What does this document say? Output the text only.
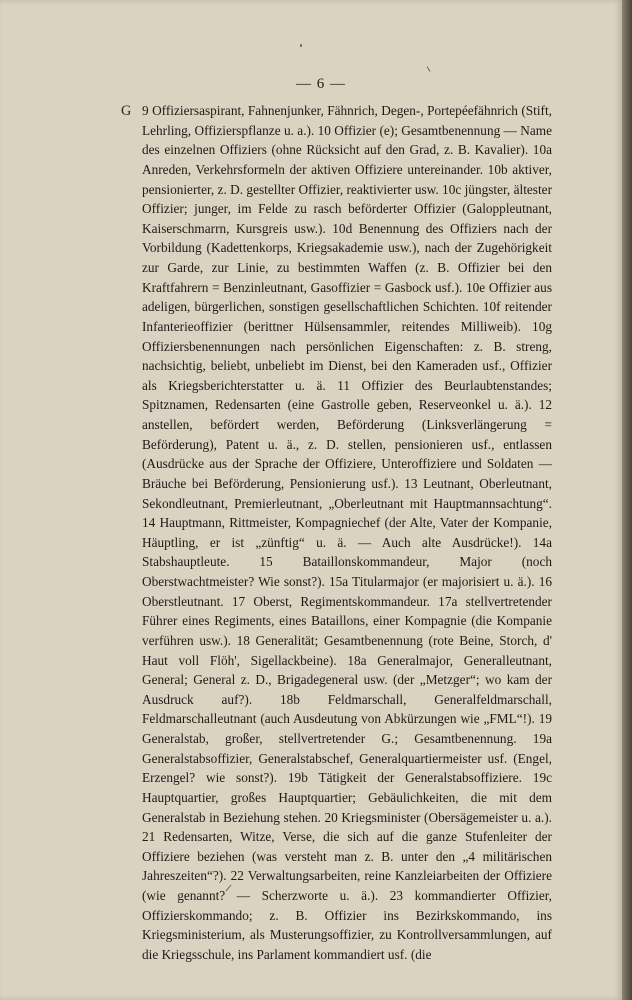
— 6 —
G 9 Offiziersaspirant, Fahnenjunker, Fähnrich, Degen-, Portepéefähnrich (Stift, Lehrling, Offizierspflanze u. a.). 10 Offizier (e); Gesamtbenennung — Name des einzelnen Offiziers (ohne Rücksicht auf den Grad, z. B. Kavalier). 10a Anreden, Verkehrsformeln der aktiven Offiziere untereinander. 10b aktiver, pensionierter, z. D. gestellter Offizier, reaktivierter usw. 10c jüngster, ältester Offizier; junger, im Felde zu rasch beförderter Offizier (Galoppleutnant, Kaiserschmarrn, Kursgreis usw.). 10d Benennung des Offiziers nach der Vorbildung (Kadettenkorps, Kriegsakademie usw.), nach der Zugehörigkeit zur Garde, zur Linie, zu bestimmten Waffen (z. B. Offizier bei den Kraftfahrern = Benzinleutnant, Gasoffizier = Gasbock usf.). 10e Offizier aus adeligen, bürgerlichen, sonstigen gesellschaftlichen Schichten. 10f reitender Infanterieoffizier (berittner Hülsensammler, reitendes Milliweib). 10g Offiziersbenennungen nach persönlichen Eigenschaften: z. B. streng, nachsichtig, beliebt, unbeliebt im Dienst, bei den Kameraden usf., Offizier als Kriegsberichterstatter u. ä. 11 Offizier des Beurlaubtenstandes; Spitznamen, Redensarten (eine Gastrolle geben, Reserveonkel u. ä.). 12 anstellen, befördert werden, Beförderung (Linksverlängerung = Beförderung), Patent u. ä., z. D. stellen, pensionieren usf., entlassen (Ausdrücke aus der Sprache der Offiziere, Unteroffiziere und Soldaten — Bräuche bei Beförderung, Pensionierung usf.). 13 Leutnant, Oberleutnant, Sekondleutnant, Premierleutnant, „Oberleutnant mit Hauptmannsachtung“. 14 Hauptmann, Rittmeister, Kompagniechef (der Alte, Vater der Kompanie, Häuptling, er ist „zünftig“ u. ä. — Auch alte Ausdrücke!). 14a Stabshauptleute. 15 Bataillonskommandeur, Major (noch Oberstwachtmeister? Wie sonst?). 15a Titularmajor (er majorisiert u. ä.). 16 Oberstleutnant. 17 Oberst, Regimentskommandeur. 17a stellvertretender Führer eines Regiments, eines Bataillons, einer Kompagnie (die Kompanie verführen usw.). 18 Generalität; Gesamtbenennung (rote Beine, Storch, d' Haut voll Flöh', Sigellackbeine). 18a Generalmajor, Generalleutnant, General; General z. D., Brigadegeneral usw. (der „Metzger“; wo kam der Ausdruck auf?). 18b Feldmarschall, Generalfeldmarschall, Feldmarschalleutnant (auch Ausdeutung von Abkürzungen wie „FML“!). 19 Generalstab, großer, stellvertretender G.; Gesamtbenennung. 19a Generalstabsoffizier, Generalstabschef, Generalquartiermeister usf. (Engel, Erzengel? wie sonst?). 19b Tätigkeit der Generalstabsoffiziere. 19c Hauptquartier, großes Hauptquartier; Gebäulichkeiten, die mit dem Generalstab in Beziehung stehen. 20 Kriegsminister (Obersägemeister u. a.). 21 Redensarten, Witze, Verse, die sich auf die ganze Stufenleiter der Offiziere beziehen (was versteht man z. B. unter den „4 militärischen Jahreszeiten“?). 22 Verwaltungsarbeiten, reine Kanzleiarbeiten der Offiziere (wie genannt? — Scherzworte u. ä.). 23 kommandierter Offizier, Offizierskommando; z. B. Offizier ins Bezirkskommando, ins Kriegsministerium, als Musterungsoffizier, zu Kontrollversammlungen, auf die Kriegsschule, ins Parlament kommandiert usf. (die
